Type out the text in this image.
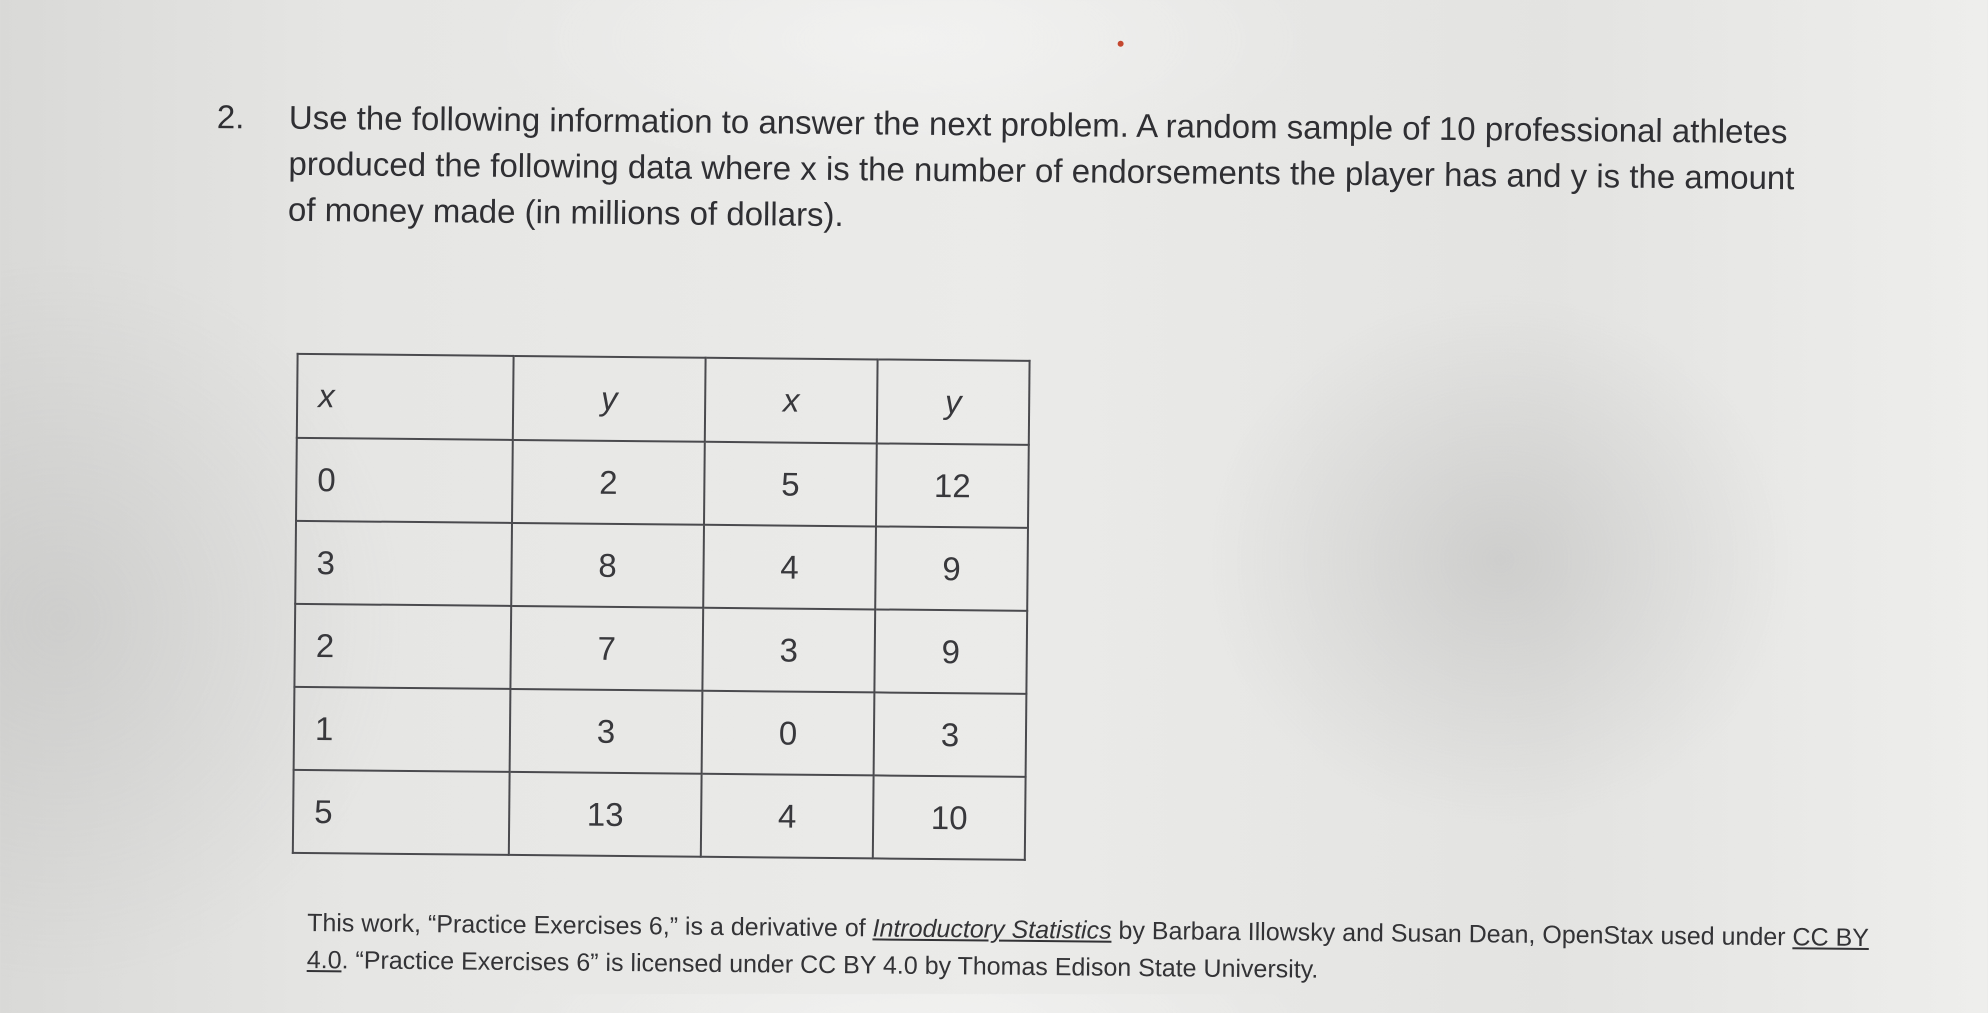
2. Use the following information to answer the next problem. A random sample of 10 professional athletes produced the following data where x is the number of endorsements the player has and y is the amount of money made (in millions of dollars).
x	y	x	y
0	2	5	12
3	8	4	9
2	7	3	9
1	3	0	3
5	13	4	10
This work, “Practice Exercises 6,” is a derivative of Introductory Statistics by Barbara Illowsky and Susan Dean, OpenStax used under CC BY 4.0. “Practice Exercises 6” is licensed under CC BY 4.0 by Thomas Edison State University.
